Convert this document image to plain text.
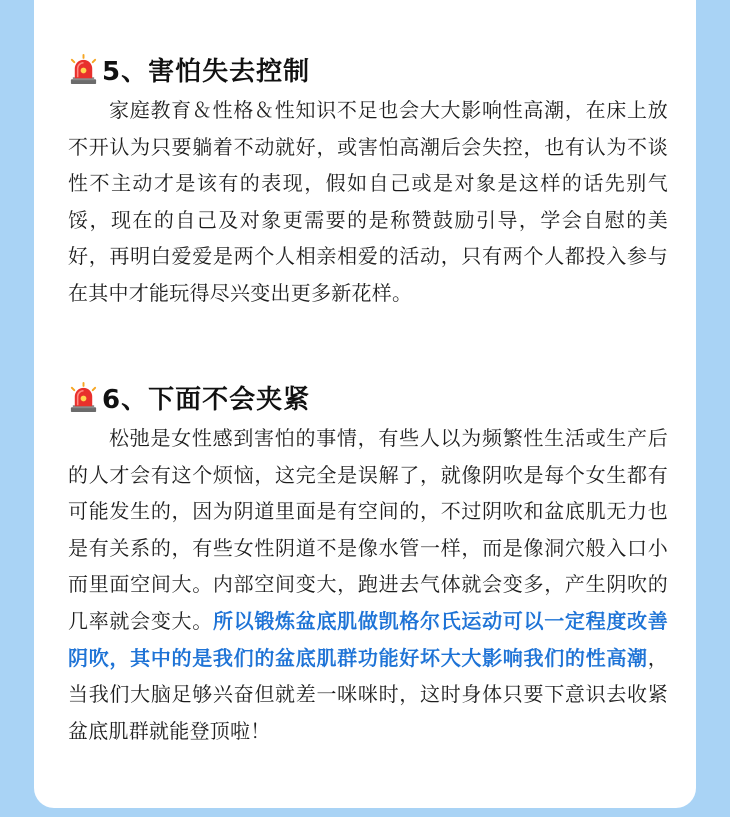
5、害怕失去控制

家庭教育＆性格＆性知识不足也会大大影响性高潮，在床上放不开认为只要躺着不动就好，或害怕高潮后会失控，也有认为不谈性不主动才是该有的表现，假如自己或是对象是这样的话先别气馁，现在的自己及对象更需要的是称赞鼓励引导，学会自慰的美好，再明白爱爱是两个人相亲相爱的活动，只有两个人都投入参与在其中才能玩得尽兴变出更多新花样。

6、下面不会夹紧

松弛是女性感到害怕的事情，有些人以为频繁性生活或生产后的人才会有这个烦恼，这完全是误解了，就像阴吹是每个女生都有可能发生的，因为阴道里面是有空间的，不过阴吹和盆底肌无力也是有关系的，有些女性阴道不是像水管一样，而是像洞穴般入口小而里面空间大。内部空间变大，跑进去气体就会变多，产生阴吹的几率就会变大。所以锻炼盆底肌做凯格尔氏运动可以一定程度改善阴吹，其中的是我们的盆底肌群功能好坏大大影响我们的性高潮，当我们大脑足够兴奋但就差一咪咪时，这时身体只要下意识去收紧盆底肌群就能登顶啦！
